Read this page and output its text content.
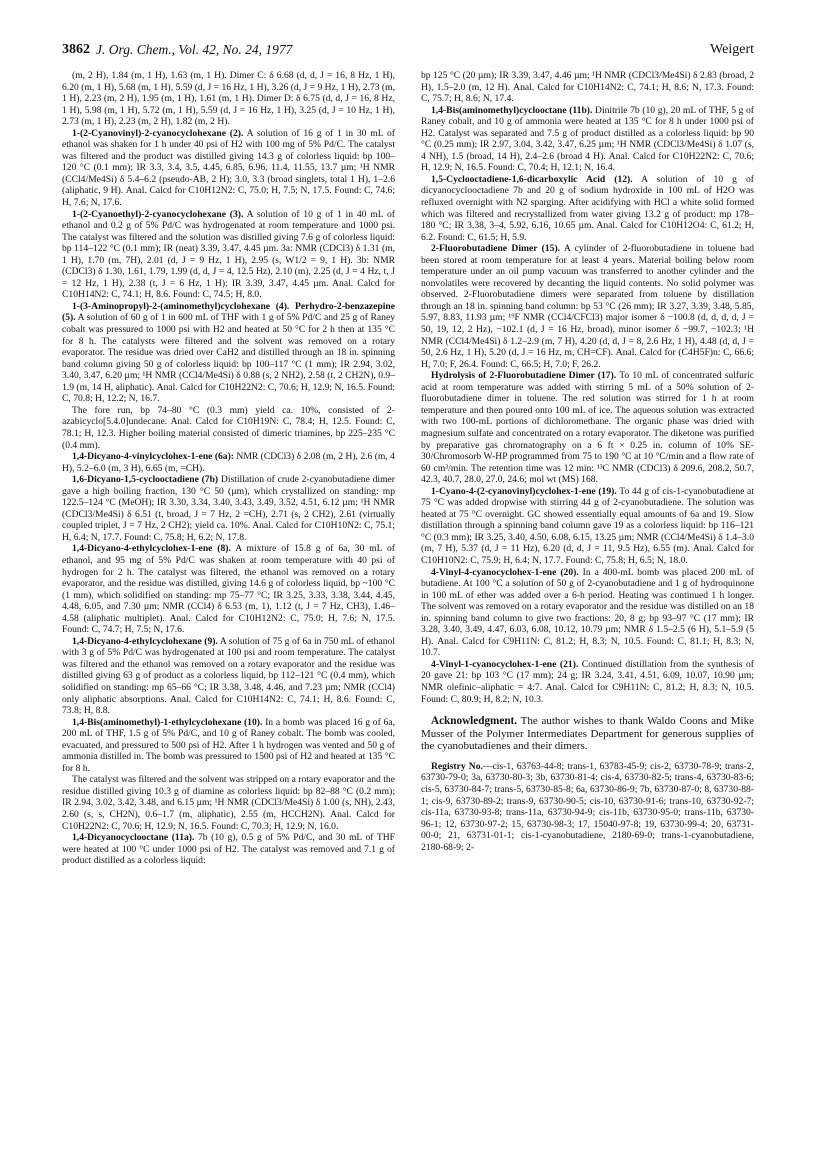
3862 J. Org. Chem., Vol. 42, No. 24, 1977	Weigert

(m, 2 H), 1.84 (m, 1 H), 1.63 (m, 1 H). Dimer C: δ 6.68 (d, d, J = 16, 8 Hz, 1 H), 6.20 (m, 1 H), 5.68 (m, 1 H), 5.59 (d, J = 16 Hz, 1 H), 3.26 (d, J = 9 Hz, 1 H), 2.73 (m, 1 H), 2.23 (m, 2 H), 1.95 (m, 1 H), 1.61 (m, 1 H). Dimer D: δ 6.75 (d, d, J = 16, 8 Hz, 1 H), 5.98 (m, 1 H), 5.72 (m, 1 H), 5.59 (d, J = 16 Hz, 1 H), 3.25 (d, J = 10 Hz, 1 H), 2.73 (m, 1 H), 2.23 (m, 2 H), 1.82 (m, 2 H).

1-(2-Cyanovinyl)-2-cyanocyclohexane (2). A solution of 16 g of 1 in 30 mL of ethanol was shaken for 1 h under 40 psi of H2 with 100 mg of 5% Pd/C. The catalyst was filtered and the product was distilled giving 14.3 g of colorless liquid: bp 100–120 °C (0.1 mm); IR 3.3, 3.4, 3.5, 4.45, 6.85, 6.96, 11.4, 11.55, 13.7 µm; ¹H NMR (CCl4/Me4Si) δ 5.4–6.2 (pseudo-AB, 2 H); 3.0, 3.3 (broad singlets, total 1 H), 1–2.6 (aliphatic, 9 H). Anal. Calcd for C10H12N2: C, 75.0; H, 7.5; N, 17.5. Found: C, 74.6; H, 7.6; N, 17.6.

1-(2-Cyanoethyl)-2-cyanocyclohexane (3). A solution of 10 g of 1 in 40 mL of ethanol and 0.2 g of 5% Pd/C was hydrogenated at room temperature and 1000 psi. The catalyst was filtered and the solution was distilled giving 7.6 g of colorless liquid: bp 114–122 °C (0.1 mm); IR (neat) 3.39, 3.47, 4.45 µm. 3a: NMR (CDCl3) δ 1.31 (m, 1 H), 1.70 (m, 7H), 2.01 (d, J = 9 Hz, 1 H), 2.95 (s, W1/2 = 9, 1 H). 3b: NMR (CDCl3) δ 1.30, 1.61, 1.79, 1.99 (d, d, J = 4, 12.5 Hz), 2.10 (m), 2.25 (d, J = 4 Hz, t, J = 12 Hz, 1 H), 2.38 (t, J = 6 Hz, 1 H); IR 3.39, 3.47, 4.45 µm. Anal. Calcd for C10H14N2: C, 74.1; H, 8.6. Found: C, 74.5; H, 8.0.

1-(3-Aminopropyl)-2-(aminomethyl)cyclohexane (4). Perhydro-2-benzazepine (5). A solution of 60 g of 1 in 600 mL of THF with 1 g of 5% Pd/C and 25 g of Raney cobalt was pressured to 1000 psi with H2 and heated at 50 °C for 2 h then at 135 °C for 8 h. The catalysts were filtered and the solvent was removed on a rotary evaporator. The residue was dried over CaH2 and distilled through an 18 in. spinning band column giving 50 g of colorless liquid: bp 100–117 °C (1 mm); IR 2.94, 3.02, 3.40, 3.47, 6.20 µm; ¹H NMR (CCl4/Me4Si) δ 0.88 (s, 2 NH2), 2.58 (t, 2 CH2N), 0.9–1.9 (m, 14 H, aliphatic). Anal. Calcd for C10H22N2: C, 70.6; H, 12.9; N, 16.5. Found: C, 70.8; H, 12.2; N, 16.7.

The fore run, bp 74–80 °C (0.3 mm) yield ca. 10%, consisted of 2-azabicyclo[5.4.0]undecane. Anal. Calcd for C10H19N: C, 78.4; H, 12.5. Found: C, 78.1; H, 12.3. Higher boiling material consisted of dimeric triamines, bp 225–235 °C (0.4 mm).

1,4-Dicyano-4-vinylcyclohex-1-ene (6a): NMR (CDCl3) δ 2.08 (m, 2 H), 2.6 (m, 4 H), 5.2–6.0 (m, 3 H), 6.65 (m, =CH).

1,6-Dicyano-1,5-cyclooctadiene (7b) Distillation of crude 2-cyanobutadiene dimer gave a high boiling fraction, 130 °C 50 (µm), which crystallized on standing: mp 122.5–124 °C (MeOH); IR 3.30, 3.34, 3.40, 3.43, 3.49, 3.52, 4.51, 6.12 µm; ¹H NMR (CDCl3/Me4Si) δ 6.51 (t, broad, J = 7 Hz, 2 =CH), 2.71 (s, 2 CH2), 2.61 (virtually coupled triplet, J = 7 Hz, 2 CH2); yield ca. 10%. Anal. Calcd for C10H10N2: C, 75.1; H, 6.4; N, 17.7. Found: C, 75.8; H, 6.2; N, 17.8.

1,4-Dicyano-4-ethylcyclohex-1-ene (8). A mixture of 15.8 g of 6a, 30 mL of ethanol, and 95 mg of 5% Pd/C was shaken at room temperature with 40 psi of hydrogen for 2 h. The catalyst was filtered, the ethanol was removed on a rotary evaporator, and the residue was distilled, giving 14.6 g of colorless liquid, bp ~100 °C (1 mm), which solidified on standing: mp 75–77 °C; IR 3.25, 3.33, 3.38, 3.44, 4.45, 4.48, 6.05, and 7.30 µm; NMR (CCl4) δ 6.53 (m, 1), 1.12 (t, J = 7 Hz, CH3), 1.46–4.58 (aliphatic multiplet). Anal. Calcd for C10H12N2: C, 75.0; H, 7.6; N, 17.5. Found: C, 74.7; H, 7.5; N, 17.6.

1,4-Dicyano-4-ethylcyclohexane (9). A solution of 75 g of 6a in 750 mL of ethanol with 3 g of 5% Pd/C was hydrogenated at 100 psi and room temperature. The catalyst was filtered and the ethanol was removed on a rotary evaporator and the residue was distilled giving 63 g of product as a colorless liquid, bp 112–121 °C (0.4 mm), which solidified on standing: mp 65–66 °C; IR 3.38, 3.48, 4.46, and 7.23 µm; NMR (CCl4) only aliphatic absorptions. Anal. Calcd for C10H14N2: C, 74.1; H, 8.6. Found: C, 73.8; H, 8.8.

1,4-Bis(aminomethyl)-1-ethylcyclohexane (10). In a bomb was placed 16 g of 6a, 200 mL of THF, 1.5 g of 5% Pd/C, and 10 g of Raney cobalt. The bomb was cooled, evacuated, and pressured to 500 psi of H2. After 1 h hydrogen was vented and 50 g of ammonia distilled in. The bomb was pressured to 1500 psi of H2 and heated at 135 °C for 8 h.

The catalyst was filtered and the solvent was stripped on a rotary evaporator and the residue distilled giving 10.3 g of diamine as colorless liquid: bp 82–88 °C (0.2 mm); IR 2.94, 3.02, 3.42, 3.48, and 6.15 µm; ¹H NMR (CDCl3/Me4Si) δ 1.00 (s, NH), 2.43, 2.60 (s, s, CH2N), 0.6–1.7 (m, aliphatic), 2.55 (m, HCCH2N). Anal. Calcd for C10H22N2: C, 70.6; H, 12.9; N, 16.5. Found: C, 70.3; H, 12.9; N, 16.0.

1,4-Dicyanocyclooctane (11a). 7b (10 g), 0.5 g of 5% Pd/C, and 30 mL of THF were heated at 100 °C under 1000 psi of H2. The catalyst was removed and 7.1 g of product distilled as a colorless liquid:

bp 125 °C (20 µm); IR 3.39, 3.47, 4.46 µm; ¹H NMR (CDCl3/Me4Si) δ 2.83 (broad, 2 H), 1.5–2.0 (m, 12 H). Anal. Calcd for C10H14N2: C, 74.1; H, 8.6; N, 17.3. Found: C, 75.7; H, 8.6; N, 17.4.

1,4-Bis(aminomethyl)cyclooctane (11b). Dinitrile 7b (10 g), 20 mL of THF, 5 g of Raney cobalt, and 10 g of ammonia were heated at 135 °C for 8 h under 1000 psi of H2. Catalyst was separated and 7.5 g of product distilled as a colorless liquid: bp 90 °C (0.25 mm); IR 2.97, 3.04, 3.42, 3.47, 6.25 µm; ¹H NMR (CDCl3/Me4Si) δ 1.07 (s, 4 NH), 1.5 (broad, 14 H), 2.4–2.6 (broad 4 H). Anal. Calcd for C10H22N2: C, 70.6; H, 12.9; N, 16.5. Found: C, 70.4; H, 12.1; N, 16.4.

1,5-Cyclooctadiene-1,6-dicarboxylic Acid (12). A solution of 10 g of dicyanocyclooctadiene 7b and 20 g of sodium hydroxide in 100 mL of H2O was refluxed overnight with N2 sparging. After acidifying with HCl a white solid formed which was filtered and recrystallized from water giving 13.2 g of product: mp 178–180 °C; IR 3.38, 3–4, 5.92, 6.16, 10.65 µm. Anal. Calcd for C10H12O4: C, 61.2; H, 6.2. Found: C, 61.5; H, 5.9.

2-Fluorobutadiene Dimer (15). A cylinder of 2-fluorobutadiene in toluene had been stored at room temperature for at least 4 years. Material boiling below room temperature under an oil pump vacuum was transferred to another cylinder and the nonvolatiles were recovered by decanting the liquid contents. No solid polymer was observed. 2-Fluorobutadiene dimers were separated from toluene by distillation through an 18 in. spinning band column: bp 53 °C (26 mm); IR 3.27, 3.39, 3.48, 5.85, 5.97, 8.83, 11.93 µm; ¹⁹F NMR (CCl4/CFCl3) major isomer δ −100.8 (d, d, d, d, J = 50, 19, 12, 2 Hz), −102.1 (d, J = 16 Hz, broad), minor isomer δ −99.7, −102.3; ¹H NMR (CCl4/Me4Si) δ 1.2–2.9 (m, 7 H), 4.20 (d, d, J = 8, 2.6 Hz, 1 H), 4.48 (d, d, J = 50, 2.6 Hz, 1 H), 5.20 (d, J = 16 Hz, m, CH=CF). Anal. Calcd for (C4H5F)n: C, 66.6; H, 7.0; F, 26.4. Found: C, 66.5; H, 7.0; F, 26.2.

Hydrolysis of 2-Fluorobutadiene Dimer (17). To 10 mL of concentrated sulfuric acid at room temperature was added with stirring 5 mL of a 50% solution of 2-fluorobutadiene dimer in toluene. The red solution was stirred for 1 h at room temperature and then poured onto 100 mL of ice. The aqueous solution was extracted with two 100-mL portions of dichloromethane. The organic phase was dried with magnesium sulfate and concentrated on a rotary evaporator. The diketone was purified by preparative gas chromatography on a 6 ft × 0.25 in. column of 10% SE-30/Chromosorb W-HP programmed from 75 to 190 °C at 10 °C/min and a flow rate of 60 cm³/min. The retention time was 12 min: ¹³C NMR (CDCl3) δ 209.6, 208.2, 50.7, 42.3, 40.7, 28.0, 27.0, 24.6; mol wt (MS) 168.

1-Cyano-4-(2-cyanovinyl)cyclohex-1-ene (19). To 44 g of cis-1-cyanobutadiene at 75 °C was added dropwise with stirring 44 g of 2-cyanobutadiene. The solution was heated at 75 °C overnight. GC showed essentially equal amounts of 6a and 19. Slow distillation through a spinning band column gave 19 as a colorless liquid: bp 116–121 °C (0.3 mm); IR 3.25, 3.40, 4.50, 6.08, 6.15, 13.25 µm; NMR (CCl4/Me4Si) δ 1.4–3.0 (m, 7 H), 5.37 (d, J = 11 Hz), 6.20 (d, d, J = 11, 9.5 Hz), 6.55 (m). Anal. Calcd for C10H10N2: C, 75.9; H, 6.4; N, 17.7. Found: C, 75.8; H, 6.5; N, 18.0.

4-Vinyl-4-cyanocyclohex-1-ene (20). In a 400-mL bomb was placed 200 mL of butadiene. At 100 °C a solution of 50 g of 2-cyanobutadiene and 1 g of hydroquinone in 100 mL of ether was added over a 6-h period. Heating was continued 1 h longer. The solvent was removed on a rotary evaporator and the residue was distilled on an 18 in. spinning band column to give two fractions: 20, 8 g; bp 93–97 °C (17 mm); IR 3.28, 3.40, 3.49, 4.47, 6.03, 6.08, 10.12, 10.79 µm; NMR δ 1.5–2.5 (6 H), 5.1–5.9 (5 H). Anal. Calcd for C9H11N: C, 81.2; H, 8.3; N, 10.5. Found: C, 81.1; H, 8.3; N, 10.7.

4-Vinyl-1-cyanocyclohex-1-ene (21). Continued distillation from the synthesis of 20 gave 21: bp 103 °C (17 mm); 24 g; IR 3.24, 3.41, 4.51, 6.09, 10.07, 10.90 µm; NMR olefinic–aliphatic = 4:7. Anal. Calcd for C9H11N: C, 81.2; H, 8.3; N, 10.5. Found: C, 80.9; H, 8.2; N, 10.3.

Acknowledgment. The author wishes to thank Waldo Coons and Mike Musser of the Polymer Intermediates Department for generous supplies of the cyanobutadienes and their dimers.

Registry No.—cis-1, 63763-44-8; trans-1, 63783-45-9; cis-2, 63730-78-9; trans-2, 63730-79-0; 3a, 63730-80-3; 3b, 63730-81-4; cis-4, 63730-82-5; trans-4, 63730-83-6; cis-5, 63730-84-7; trans-5, 63730-85-8; 6a, 63730-86-9; 7b, 63730-87-0; 8, 63730-88-1; cis-9, 63730-89-2; trans-9, 63730-90-5; cis-10, 63730-91-6; trans-10, 63730-92-7; cis-11a, 63730-93-8; trans-11a, 63730-94-9; cis-11b, 63730-95-0; trans-11b, 63730-96-1; 12, 63730-97-2; 15, 63730-98-3; 17, 15040-97-8; 19, 63730-99-4; 20, 63731-00-0; 21, 63731-01-1; cis-1-cyanobutadiene, 2180-69-0; trans-1-cyanobutadiene, 2180-68-9; 2-
